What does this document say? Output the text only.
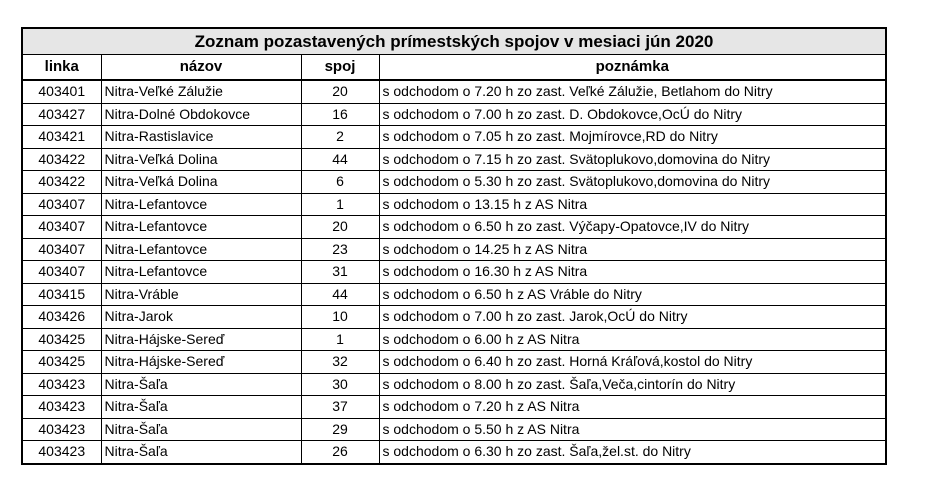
Zoznam pozastavených prímestských spojov v mesiaci jún 2020			
linka	názov	spoj	poznámka
403401	Nitra-Veľké Zálužie	20	s odchodom o 7.20 h zo zast. Veľké Zálužie, Betlahom do Nitry
403427	Nitra-Dolné Obdokovce	16	s odchodom o 7.00 h zo zast. D. Obdokovce,OcÚ do Nitry
403421	Nitra-Rastislavice	2	s odchodom o 7.05 h zo zast. Mojmírovce,RD do Nitry
403422	Nitra-Veľká Dolina	44	s odchodom o 7.15 h zo zast. Svätoplukovo,domovina do Nitry
403422	Nitra-Veľká Dolina	6	s odchodom o 5.30 h zo zast. Svätoplukovo,domovina do Nitry
403407	Nitra-Lefantovce	1	s odchodom o 13.15 h z AS Nitra
403407	Nitra-Lefantovce	20	s odchodom o 6.50 h zo zast. Výčapy-Opatovce,IV do Nitry
403407	Nitra-Lefantovce	23	s odchodom o 14.25 h z AS Nitra
403407	Nitra-Lefantovce	31	s odchodom o 16.30 h z AS Nitra
403415	Nitra-Vráble	44	s odchodom o 6.50 h z AS Vráble do Nitry
403426	Nitra-Jarok	10	s odchodom o 7.00 h zo zast. Jarok,OcÚ do Nitry
403425	Nitra-Hájske-Sereď	1	s odchodom o 6.00 h z AS Nitra
403425	Nitra-Hájske-Sereď	32	s odchodom o 6.40 h zo zast. Horná Kráľová,kostol do Nitry
403423	Nitra-Šaľa	30	s odchodom o 8.00 h zo zast. Šaľa,Veča,cintorín do Nitry
403423	Nitra-Šaľa	37	s odchodom o 7.20 h z AS Nitra
403423	Nitra-Šaľa	29	s odchodom o 5.50 h z AS Nitra
403423	Nitra-Šaľa	26	s odchodom o 6.30 h zo zast. Šaľa,žel.st. do Nitry
